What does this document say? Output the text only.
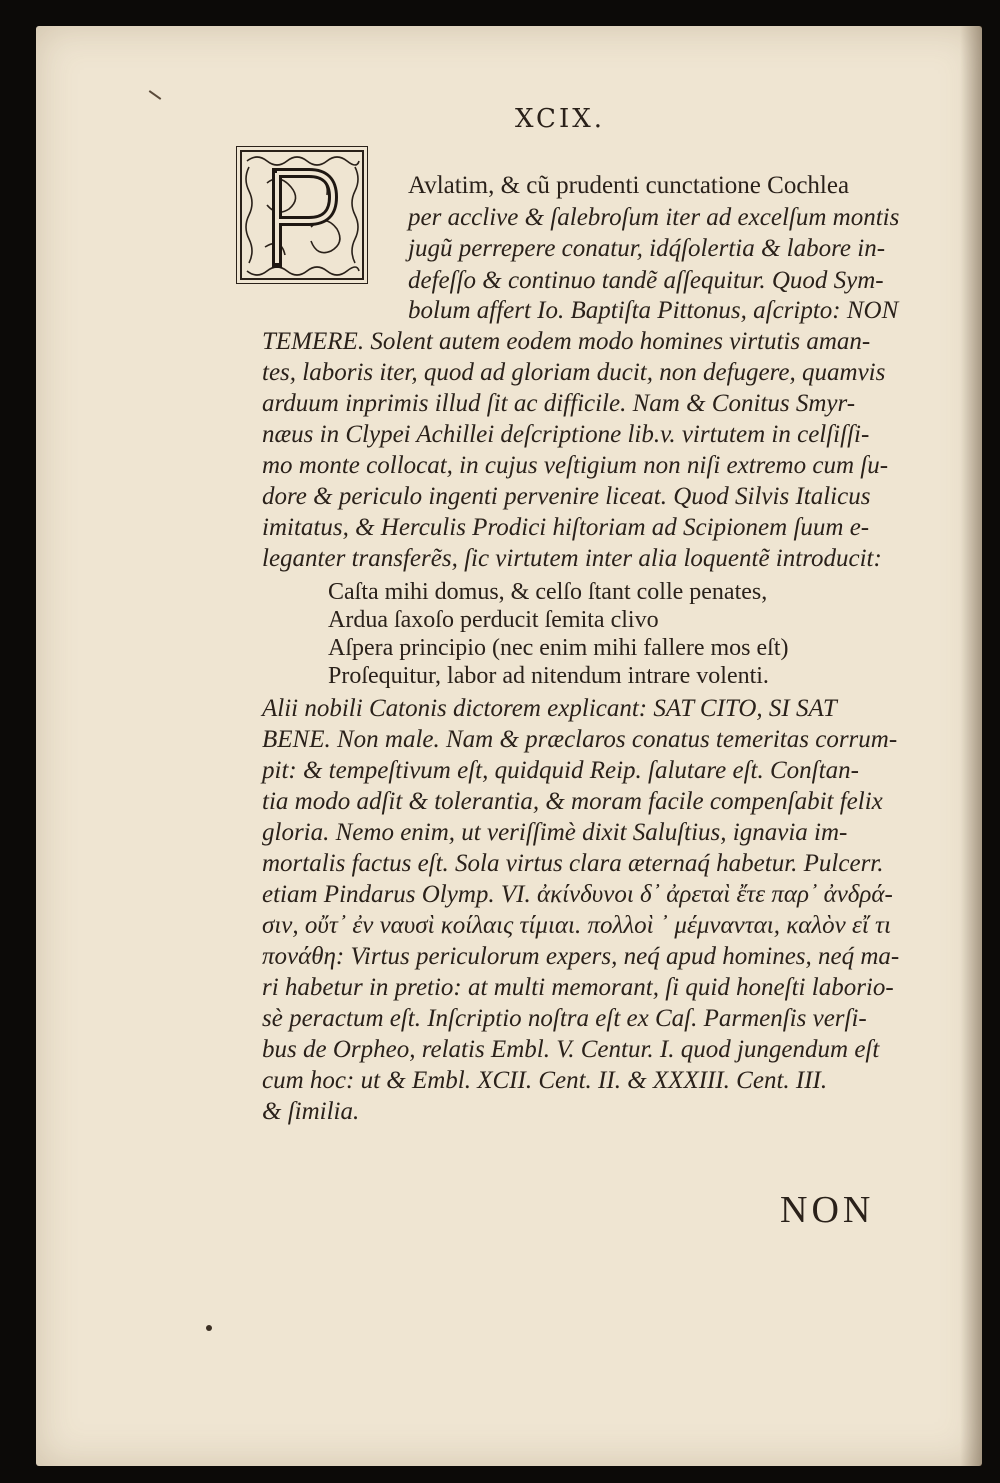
XCIX.
Avlatim, & cũ prudenti cunctatione Cochlea
per acclive & ſalebroſum iter ad excelſum montis
jugũ perrepere conatur, idq́ſolertia & labore in-
defeſſo & continuo tandẽ aſſequitur. Quod Sym-
bolum affert Io. Baptiſta Pittonus, aſcripto: NON
TEMERE. Solent autem eodem modo homines virtutis aman-
tes, laboris iter, quod ad gloriam ducit, non defugere, quamvis
arduum inprimis illud ſit ac difficile. Nam & Conitus Smyr-
næus in Clypei Achillei deſcriptione lib.v. virtutem in celſiſſi-
mo monte collocat, in cujus veſtigium non niſi extremo cum ſu-
dore & periculo ingenti pervenire liceat. Quod Silvis Italicus
imitatus, & Herculis Prodici hiſtoriam ad Scipionem ſuum e-
leganter transferẽs, ſic virtutem inter alia loquentẽ introducit:
Caſta mihi domus, & celſo ſtant colle penates,
Ardua ſaxoſo perducit ſemita clivo
Aſpera principio (nec enim mihi fallere mos eſt)
Proſequitur, labor ad nitendum intrare volenti.
Alii nobili Catonis dictorem explicant: SAT CITO, SI SAT
BENE. Non male. Nam & præclaros conatus temeritas corrum-
pit: & tempeſtivum eſt, quidquid Reip. ſalutare eſt. Conſtan-
tia modo adſit & tolerantia, & moram facile compenſabit felix
gloria. Nemo enim, ut veriſſimè dixit Saluſtius, ignavia im-
mortalis factus eſt. Sola virtus clara æternaq́ habetur. Pulcerr.
etiam Pindarus Olymp. VI. ἀκίνδυνοι δ᾽ ἀρεταὶ ἔτε παρ᾽ ἀνδρά-
σιν, οὔτ᾽ ἐν ναυσὶ κοίλαις τίμιαι. πολλοὶ ᾿ μέμνανται, καλὸν εἴ τι
πονάθη: Virtus periculorum expers, neq́ apud homines, neq́ ma-
ri habetur in pretio: at multi memorant, ſi quid honeſti laborio-
sè peractum eſt. Inſcriptio noſtra eſt ex Caſ. Parmenſis verſi-
bus de Orpheo, relatis Embl. V. Centur. I. quod jungendum eſt
cum hoc: ut & Embl. XCII. Cent. II. & XXXIII. Cent. III.
& ſimilia.
NON
